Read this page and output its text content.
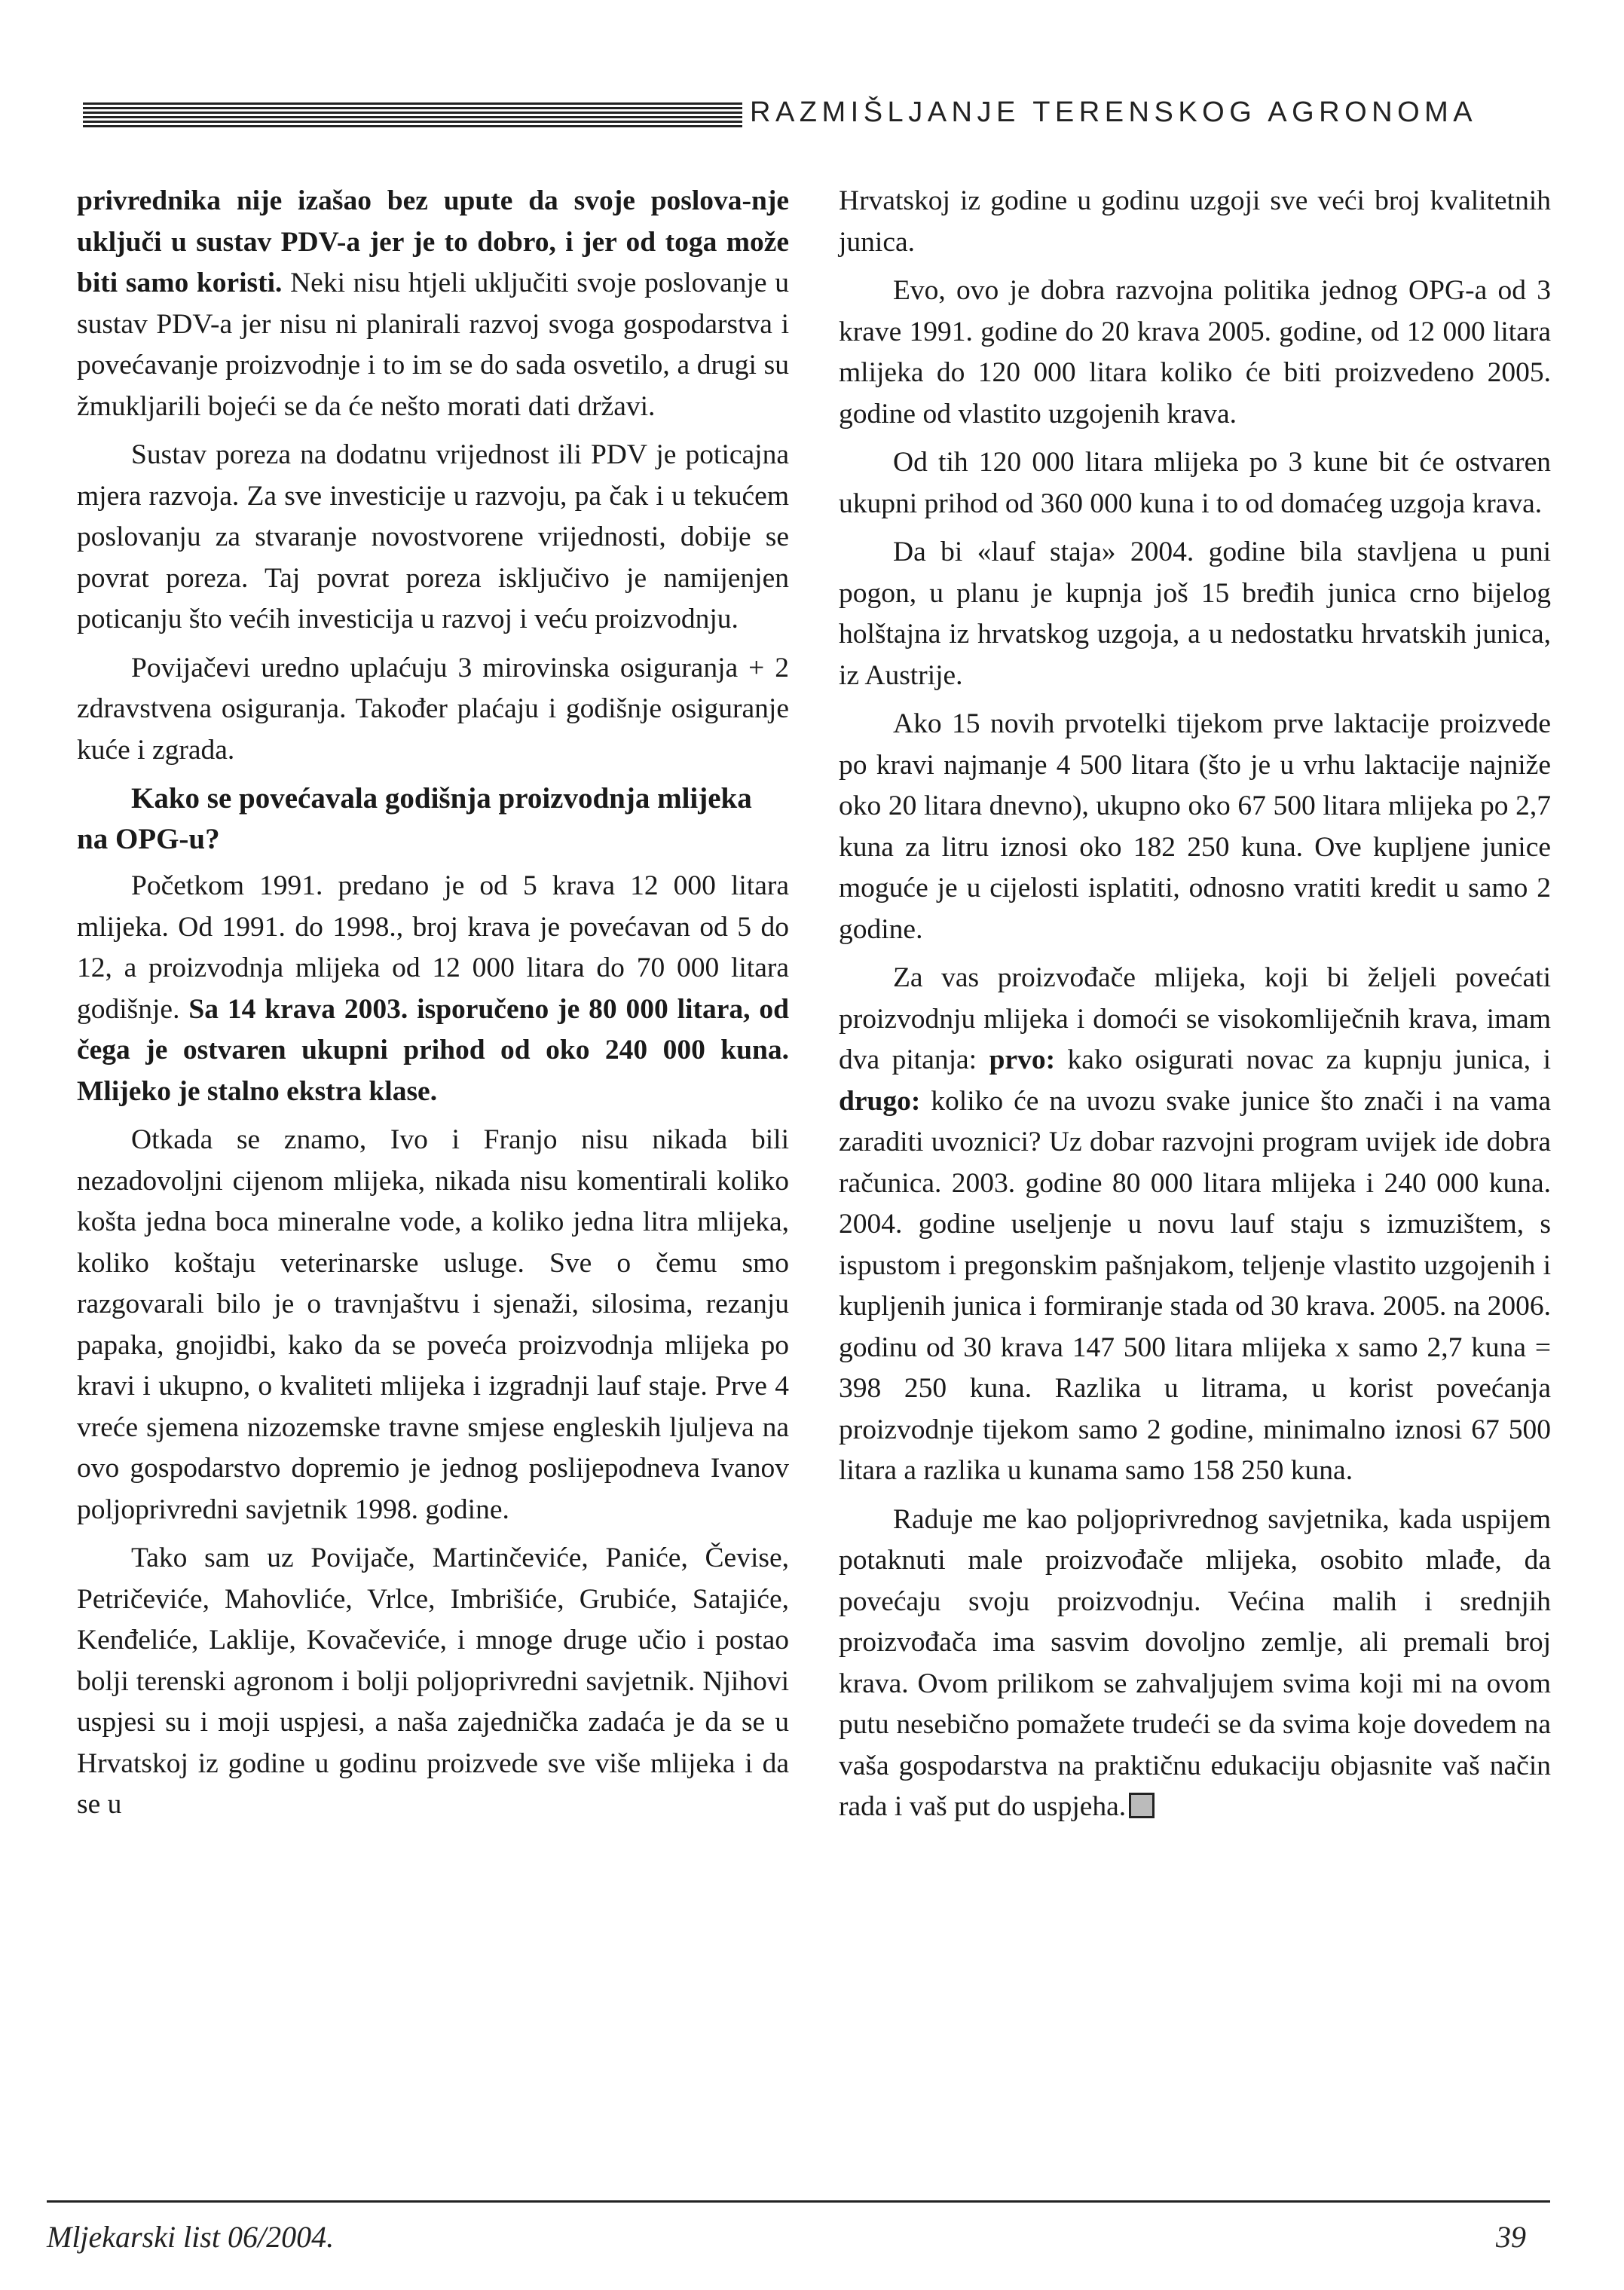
RAZMIŠLJANJE TERENSKOG AGRONOMA

privrednika nije izašao bez upute da svoje poslova-nje uključi u sustav PDV-a jer je to dobro, i jer od toga može biti samo koristi. Neki nisu htjeli uključiti svoje poslovanje u sustav PDV-a jer nisu ni planirali razvoj svoga gospodarstva i povećavanje proizvodnje i to im se do sada osvetilo, a drugi su žmukljarili bojeći se da će nešto morati dati državi.

Sustav poreza na dodatnu vrijednost ili PDV je poticajna mjera razvoja. Za sve investicije u razvoju, pa čak i u tekućem poslovanju za stvaranje novostvorene vrijednosti, dobije se povrat poreza. Taj povrat poreza isključivo je namijenjen poticanju što većih investicija u razvoj i veću proizvodnju.

Povijačevi uredno uplaćuju 3 mirovinska osiguranja + 2 zdravstvena osiguranja. Također plaćaju i godišnje osiguranje kuće i zgrada.

Kako se povećavala godišnja proizvodnja mlijeka na OPG-u?

Početkom 1991. predano je od 5 krava 12 000 litara mlijeka. Od 1991. do 1998., broj krava je povećavan od 5 do 12, a proizvodnja mlijeka od 12 000 litara do 70 000 litara godišnje. Sa 14 krava 2003. isporučeno je 80 000 litara, od čega je ostvaren ukupni prihod od oko 240 000 kuna. Mlijeko je stalno ekstra klase.

Otkada se znamo, Ivo i Franjo nisu nikada bili nezadovoljni cijenom mlijeka, nikada nisu komentirali koliko košta jedna boca mineralne vode, a koliko jedna litra mlijeka, koliko koštaju veterinarske usluge. Sve o čemu smo razgovarali bilo je o travnjaštvu i sjenaži, silosima, rezanju papaka, gnojidbi, kako da se poveća proizvodnja mlijeka po kravi i ukupno, o kvaliteti mlijeka i izgradnji lauf staje. Prve 4 vreće sjemena nizozemske travne smjese engleskih ljuljeva na ovo gospodarstvo dopremio je jednog poslijepodneva Ivanov poljoprivredni savjetnik 1998. godine.

Tako sam uz Povijače, Martinčeviće, Paniće, Čevise, Petričeviće, Mahovliće, Vrlce, Imbrišiće, Grubiće, Satajiće, Kenđeliće, Laklije, Kovačeviće, i mnoge druge učio i postao bolji terenski agronom i bolji poljoprivredni savjetnik. Njihovi uspjesi su i moji uspjesi, a naša zajednička zadaća je da se u Hrvatskoj iz godine u godinu proizvede sve više mlijeka i da se u

Hrvatskoj iz godine u godinu uzgoji sve veći broj kvalitetnih junica.

Evo, ovo je dobra razvojna politika jednog OPG-a od 3 krave 1991. godine do 20 krava 2005. godine, od 12 000 litara mlijeka do 120 000 litara koliko će biti proizvedeno 2005. godine od vlastito uzgojenih krava.

Od tih 120 000 litara mlijeka po 3 kune bit će ostvaren ukupni prihod od 360 000 kuna i to od domaćeg uzgoja krava.

Da bi «lauf staja» 2004. godine bila stavljena u puni pogon, u planu je kupnja još 15 bređih junica crno bijelog holštajna iz hrvatskog uzgoja, a u nedostatku hrvatskih junica, iz Austrije.

Ako 15 novih prvotelki tijekom prve laktacije proizvede po kravi najmanje 4 500 litara (što je u vrhu laktacije najniže oko 20 litara dnevno), ukupno oko 67 500 litara mlijeka po 2,7 kuna za litru iznosi oko 182 250 kuna. Ove kupljene junice moguće je u cijelosti isplatiti, odnosno vratiti kredit u samo 2 godine.

Za vas proizvođače mlijeka, koji bi željeli povećati proizvodnju mlijeka i domoći se visokomliječnih krava, imam dva pitanja: prvo: kako osigurati novac za kupnju junica, i drugo: koliko će na uvozu svake junice što znači i na vama zaraditi uvoznici? Uz dobar razvojni program uvijek ide dobra računica. 2003. godine 80 000 litara mlijeka i 240 000 kuna. 2004. godine useljenje u novu lauf staju s izmuzištem, s ispustom i pregonskim pašnjakom, teljenje vlastito uzgojenih i kupljenih junica i formiranje stada od 30 krava. 2005. na 2006. godinu od 30 krava 147 500 litara mlijeka x samo 2,7 kuna = 398 250 kuna. Razlika u litrama, u korist povećanja proizvodnje tijekom samo 2 godine, minimalno iznosi 67 500 litara a razlika u kunama samo 158 250 kuna.

Raduje me kao poljoprivrednog savjetnika, kada uspijem potaknuti male proizvođače mlijeka, osobito mlađe, da povećaju svoju proizvodnju. Većina malih i srednjih proizvođača ima sasvim dovoljno zemlje, ali premali broj krava. Ovom prilikom se zahvaljujem svima koji mi na ovom putu nesebično pomažete trudeći se da svima koje dovedem na vaša gospodarstva na praktičnu edukaciju objasnite vaš način rada i vaš put do uspjeha.

Mljekarski list 06/2004.	39
